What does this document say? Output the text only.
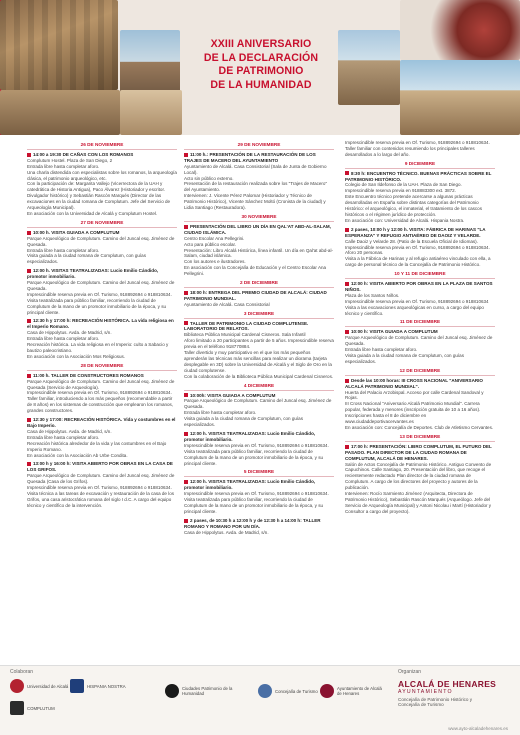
XXIII ANIVERSARIO
DE LA DECLARACIÓN
DE PATRIMONIO
DE LA HUMANIDAD
26 DE NOVIEMBRE
14:00 a 19:30 DE CAÑAS CON LOS ROMANOS
Complutum Hostel. Plaza de San Diego, 2
Entrada libre hasta completar aforo.
Una charla distendida con especialistas sobre los romanos, la arqueología clásica, el patrimonio arqueológico, etc.
Con la participación de: Margarita Vallejo (Vicerrectora de la UAH y catedrática de Historia Antigua), Paco Álvarez (Historiador y escritor. Divulgador histórico) y Sebastián Rascón Marqués (Director de las excavaciones en la ciudad romana de Complutum. Jefe del Servicio de Arqueología Municipal).
En asociación con la Universidad de Alcalá y Complutum Hostel.
27 DE NOVIEMBRE
10:00 h. VISITA GUIADA A COMPLUTUM
Parque Arqueológico de Complutum. Camino del Juncal esq. Jiménez de Quesada.
Entrada libre hasta completar aforo.
Visita guiada a la ciudad romana de Complutum, con guías especializados.
12:00 h. VISITAS TEATRALIZADAS: Lucio Emilio Cándido, promotor inmobiliario.
Parque Arqueológico de Complutum. Camino del Juncal esq. Jiménez de Quesada.
Imprescindible reserva previa en Of. Turismo, 918892694 o 918810634.
Visita teatralizada para público familiar, recorriendo la ciudad de Complutum de la mano de un promotor inmobiliario de la época, y su principal cliente.
12:30 h y 17:00 h: RECREACIÓN HISTÓRICA. La vida religiosa en el Imperio Romano.
Casa de Hippolytus. Avda. de Madrid, s/n.
Entrada libre hasta completar aforo.
Recreación histórica. La vida religiosa en el Imperio: culto a Sabacio y bautizo paleocristiano.
En asociación con la Asociación Mos Religiosus.
28 DE NOVIEMBRE
11:00 h. TALLER DE CONSTRUCTORES ROMANOS
Parque Arqueológico de Complutum. Camino del Juncal esq. Jiménez de Quesada (Servicio de Arqueología).
Imprescindible reserva previa en Of. Turismo, 918892694 o 918810634.
Taller familiar, introduciendo a los más pequeños (recomendable a partir de 8 años) en los sistemas de construcción que emplearon los romanos, grandes constructores.
12:30 y 17:00: RECREACIÓN HISTÓRICA. Vida y costumbres en el Bajo Imperio.
Casa de Hippolytus. Avda. de Madrid, s/n.
Entrada libre hasta completar aforo.
Recreación histórica alrededor de la vida y las costumbres en el Bajo Imperio Romano.
En asociación con la Asociación Ab Urbe Condita.
13:00 h y 16:00 h: VISITA ABIERTO POR OBRAS EN LA CASA DE LOS GRIFOS.
Parque Arqueológico de Complutum. Camino del Juncal esq. Jiménez de Quesada (Casa de los Grifos).
Imprescindible reserva previa en Of. Turismo, 918892694 o 918810634.
Visita técnica a las tareas de excavación y restauración de la casa de los Grifos, una casa aristocrática romana del siglo I d.C. A cargo del equipo técnico y científico de la intervención.
29 DE NOVIEMBRE
11:00 h.: PRESENTACIÓN DE LA RESTAURACIÓN DE LOS TRAJES DE MACERO DEL AYUNTAMIENTO
Ayuntamiento de Alcalá. Casa Consistorial (Sala de Junta de Gobierno Local).
Acto sin público externo.
Presentación de la restauración realizada sobre los "Trajes de Macero" del Ayuntamiento.
Intervienen: J. Vicente Pérez Palomar (Historiador y Técnico de Patrimonio Histórico), Vicente Sánchez Moltó (Cronista de la ciudad) y Lidia Santiago (Restauradora).
30 NOVIEMBRE
PRESENTACIÓN DEL LIBRO UN DÍA EN QAL'AT ABD-AL-SALAM, CIUDAD ISLÁMICA.
Centro Escolar Ana Pellegrini.
Acto para público escolar.
Presentación: Libro Alcalá Histórica, línea infantil. Un día en Qal'at abd-al-Salam, ciudad islámica.
Con los autores e ilustradores.
En asociación con la Concejalía de Educación y el Centro Escolar Ana Pellegrini.
2 DE DICIEMBRE
18:00 h: ENTREGA DEL PREMIO CIUDAD DE ALCALÁ: CIUDAD PATRIMONIO MUNDIAL.
Ayuntamiento de Alcalá. Casa Consistorial
3 DICIEMBRE
TALLER DE PATRIMONIO LA CIUDAD COMPLUTENSE. LABORATORIO DE RELATOS.
Biblioteca Pública Municipal Cardenal Cisneros. Sala Infantil
Aforo limitado a 20 participantes a partir de 5 años. Imprescindible reserva previa en el teléfono 918770884.
Taller divertido y muy participativo en el que los más pequeños aprenderán las técnicas más sencillas para realizar un diorama (tarjeta desplegable en 3D) sobre la Universidad de Alcalá y el Siglo de Oro en la ciudad complutense.
Con la colaboración de la Biblioteca Pública Municipal Cardenal Cisneros.
4 DICIEMBRE
10:00h: VISITA GUIADA A COMPLUTUM
Parque Arqueológico de Complutum. Camino del Juncal esq. Jiménez de Quesada.
Entrada libre hasta completar aforo.
Visita guiada a la ciudad romana de Complutum, con guías especializados.
12:00 h. VISITAS TEATRALIZADAS: Lucio Emilio Cándido, promotor inmobiliario.
Imprescindible reserva previa en Of. Turismo, 918892694 o 918810634.
Visita teatralizada para público familiar, recorriendo la ciudad de Complutum de la mano de un promotor inmobiliario de la época, y su principal cliente.
5 DICIEMBRE
12:00 h. VISITAS TEATRALIZADAS: Lucio Emilio Cándido, promotor inmobiliario.
Imprescindible reserva previa en Of. Turismo, 918892694 o 918810634.
Visita teatralizada para público familiar, recorriendo la ciudad de Complutum de la mano de un promotor inmobiliario de la época, y su principal cliente.
2 pases, de 10:30 h a 12:00 h y de 12:30 h a 14:00 h: TALLER ROMANO Y ROMANO POR UN DÍA.
Casa de Hippolytus. Avda. de Madrid, s/n.
Imprescindible reserva previa en Of. Turismo, 918892694 o 918810634.
Taller familiar con contenidos resumiendo los principales talleres desarrollados a lo largo del año.
9 DICIEMBRE
8:30 h: ENCUENTRO TÉCNICO. BUENAS PRÁCTICAS SOBRE EL PATRIMONIO HISTÓRICO.
Colegio de San Ildefonso de la UAH. Plaza de San Diego.
Imprescindible reserva previa en 918883300 ext. 3872.
Este Encuentro técnico pretende acercarse a algunas prácticas desarrolladas en España sobre distintas categorías del Patrimonio Histórico: el arqueológico, el inmaterial, el tratamiento de los cascos históricos o el régimen jurídico de protección.
En asociación con: Universidad de Alcalá. Hispania Nostra.
2 pases, 10:00 h y 12:00 h. VISITA: FÁBRICA DE HARINAS "LA ESPERANZA" Y REFUGIO ANTIAÉREO DE DAOIZ Y VELARDE.
Calle Daoiz y Velarde 28. (Patio de la Escuela Oficial de Idiomas).
Imprescindible reserva previa en Of. Turismo, 918892694 o 918810634.
Aforo 20 personas.
Visita a la Fábrica de Harinas y al refugio antiaéreo vinculado con ella, a cargo de personal técnico de la Concejalía de Patrimonio Histórico.
10 Y 11 DE DICIEMBRE
12:00 h: VISITA ABIERTO POR OBRAS EN LA PLAZA DE SANTOS NIÑOS.
Plaza de los Santos Niños.
Imprescindible reserva previa en Of. Turismo, 918892694 o 918810634
Visita a las excavaciones arqueológicas en curso, a cargo del equipo técnico y científico.
11 DE DICIEMBRE
10:00 h: VISITA GUIADA A COMPLUTUM
Parque Arqueológico de Complutum. Camino del Juncal esq. Jiménez de Quesada.
Entrada libre hasta completar aforo.
Visita guiada a la ciudad romana de Complutum, con guías especializados.
12 DE DICIEMBRE
Desde las 10:00 horas: III CROSS NACIONAL "ANIVERSARIO ALCALÁ PATRIMONIO MUNDIAL".
Huerta del Palacio Arzobispal. Acceso por calle Cardenal Sandoval y Rojas.
III Cross Nacional "Aniversario Alcalá Patrimonio Mundial". Carrera popular, federada y menores (inscripción gratuita de 10 a 16 años). Inscripciones hasta el 8 de diciembre en www.ciudaddeportivacervantes.es
En asociación con: Concejalía de Deportes. Club de Atletismo Cervantes.
13 DE DICIEMBRE
17:00 h: PRESENTACIÓN: LIBRO COMPLUTUM, EL FUTURO DEL PASADO. PLAN DIRECTOR DE LA CIUDAD ROMANA DE COMPLUTUM, ALCALÁ DE HENARES.
Salón de Actos Concejalía de Patrimonio Histórico. Antiguo Convento de Capuchinos. Calle Santiago, 20. Presentación del libro, que recoge el recientemente redactado Plan director de la ciudad romana de Complutum. A cargo de los directores del proyecto y autores de la publicación.
Intervienen: Rocío Sarmiento Jiménez (Arquitecta, Directora de Patrimonio Histórico), Sebastián Rascón Marqués (Arqueólogo. Jefe del Servicio de Arqueología Municipal) y Antoni Nicolau i Martí (Historiador y Consultor a cargo del proyecto).
Colaboran	Organizan
Universidad de Alcalá	HISPANIA NOSTRA
COMPLUTUM
Ciudades Patrimonio de la Humanidad	Concejalía de Turismo	Ayuntamiento de Alcalá de Henares
ALCALÁ DE HENARES
AYUNTAMIENTO
Concejalía de Patrimonio Histórico y
Concejalía de Turismo
www.ayto-alcaladehenares.es
